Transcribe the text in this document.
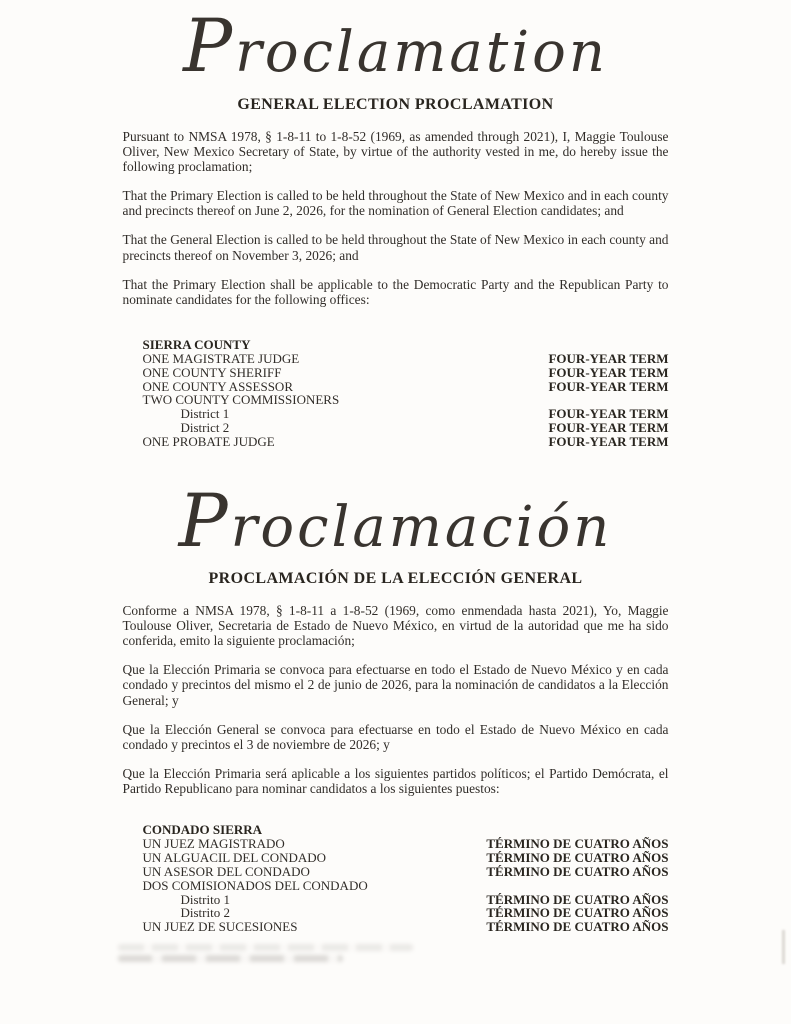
Proclamation
GENERAL ELECTION PROCLAMATION

Pursuant to NMSA 1978, § 1-8-11 to 1-8-52 (1969, as amended through 2021), I, Maggie Toulouse Oliver, New Mexico Secretary of State, by virtue of the authority vested in me, do hereby issue the following proclamation;

That the Primary Election is called to be held throughout the State of New Mexico and in each county and precincts thereof on June 2, 2026, for the nomination of General Election candidates; and

That the General Election is called to be held throughout the State of New Mexico in each county and precincts thereof on November 3, 2026; and

That the Primary Election shall be applicable to the Democratic Party and the Republican Party to nominate candidates for the following offices:

SIERRA COUNTY
ONE MAGISTRATE JUDGE	FOUR-YEAR TERM
ONE COUNTY SHERIFF	FOUR-YEAR TERM
ONE COUNTY ASSESSOR	FOUR-YEAR TERM
TWO COUNTY COMMISSIONERS
District 1	FOUR-YEAR TERM
District 2	FOUR-YEAR TERM
ONE PROBATE JUDGE	FOUR-YEAR TERM
Proclamación
PROCLAMACIÓN DE LA ELECCIÓN GENERAL

Conforme a NMSA 1978, § 1-8-11 a 1-8-52 (1969, como enmendada hasta 2021), Yo, Maggie Toulouse Oliver, Secretaria de Estado de Nuevo México, en virtud de la autoridad que me ha sido conferida, emito la siguiente proclamación;

Que la Elección Primaria se convoca para efectuarse en todo el Estado de Nuevo México y en cada condado y precintos del mismo el 2 de junio de 2026, para la nominación de candidatos a la Elección General; y

Que la Elección General se convoca para efectuarse en todo el Estado de Nuevo México en cada condado y precintos el 3 de noviembre de 2026; y

Que la Elección Primaria será aplicable a los siguientes partidos políticos; el Partido Demócrata, el Partido Republicano para nominar candidatos a los siguientes puestos:

CONDADO SIERRA
UN JUEZ MAGISTRADO	TÉRMINO DE CUATRO AÑOS
UN ALGUACIL DEL CONDADO	TÉRMINO DE CUATRO AÑOS
UN ASESOR DEL CONDADO	TÉRMINO DE CUATRO AÑOS
DOS COMISIONADOS DEL CONDADO
Distrito 1	TÉRMINO DE CUATRO AÑOS
Distrito 2	TÉRMINO DE CUATRO AÑOS
UN JUEZ DE SUCESIONES	TÉRMINO DE CUATRO AÑOS
